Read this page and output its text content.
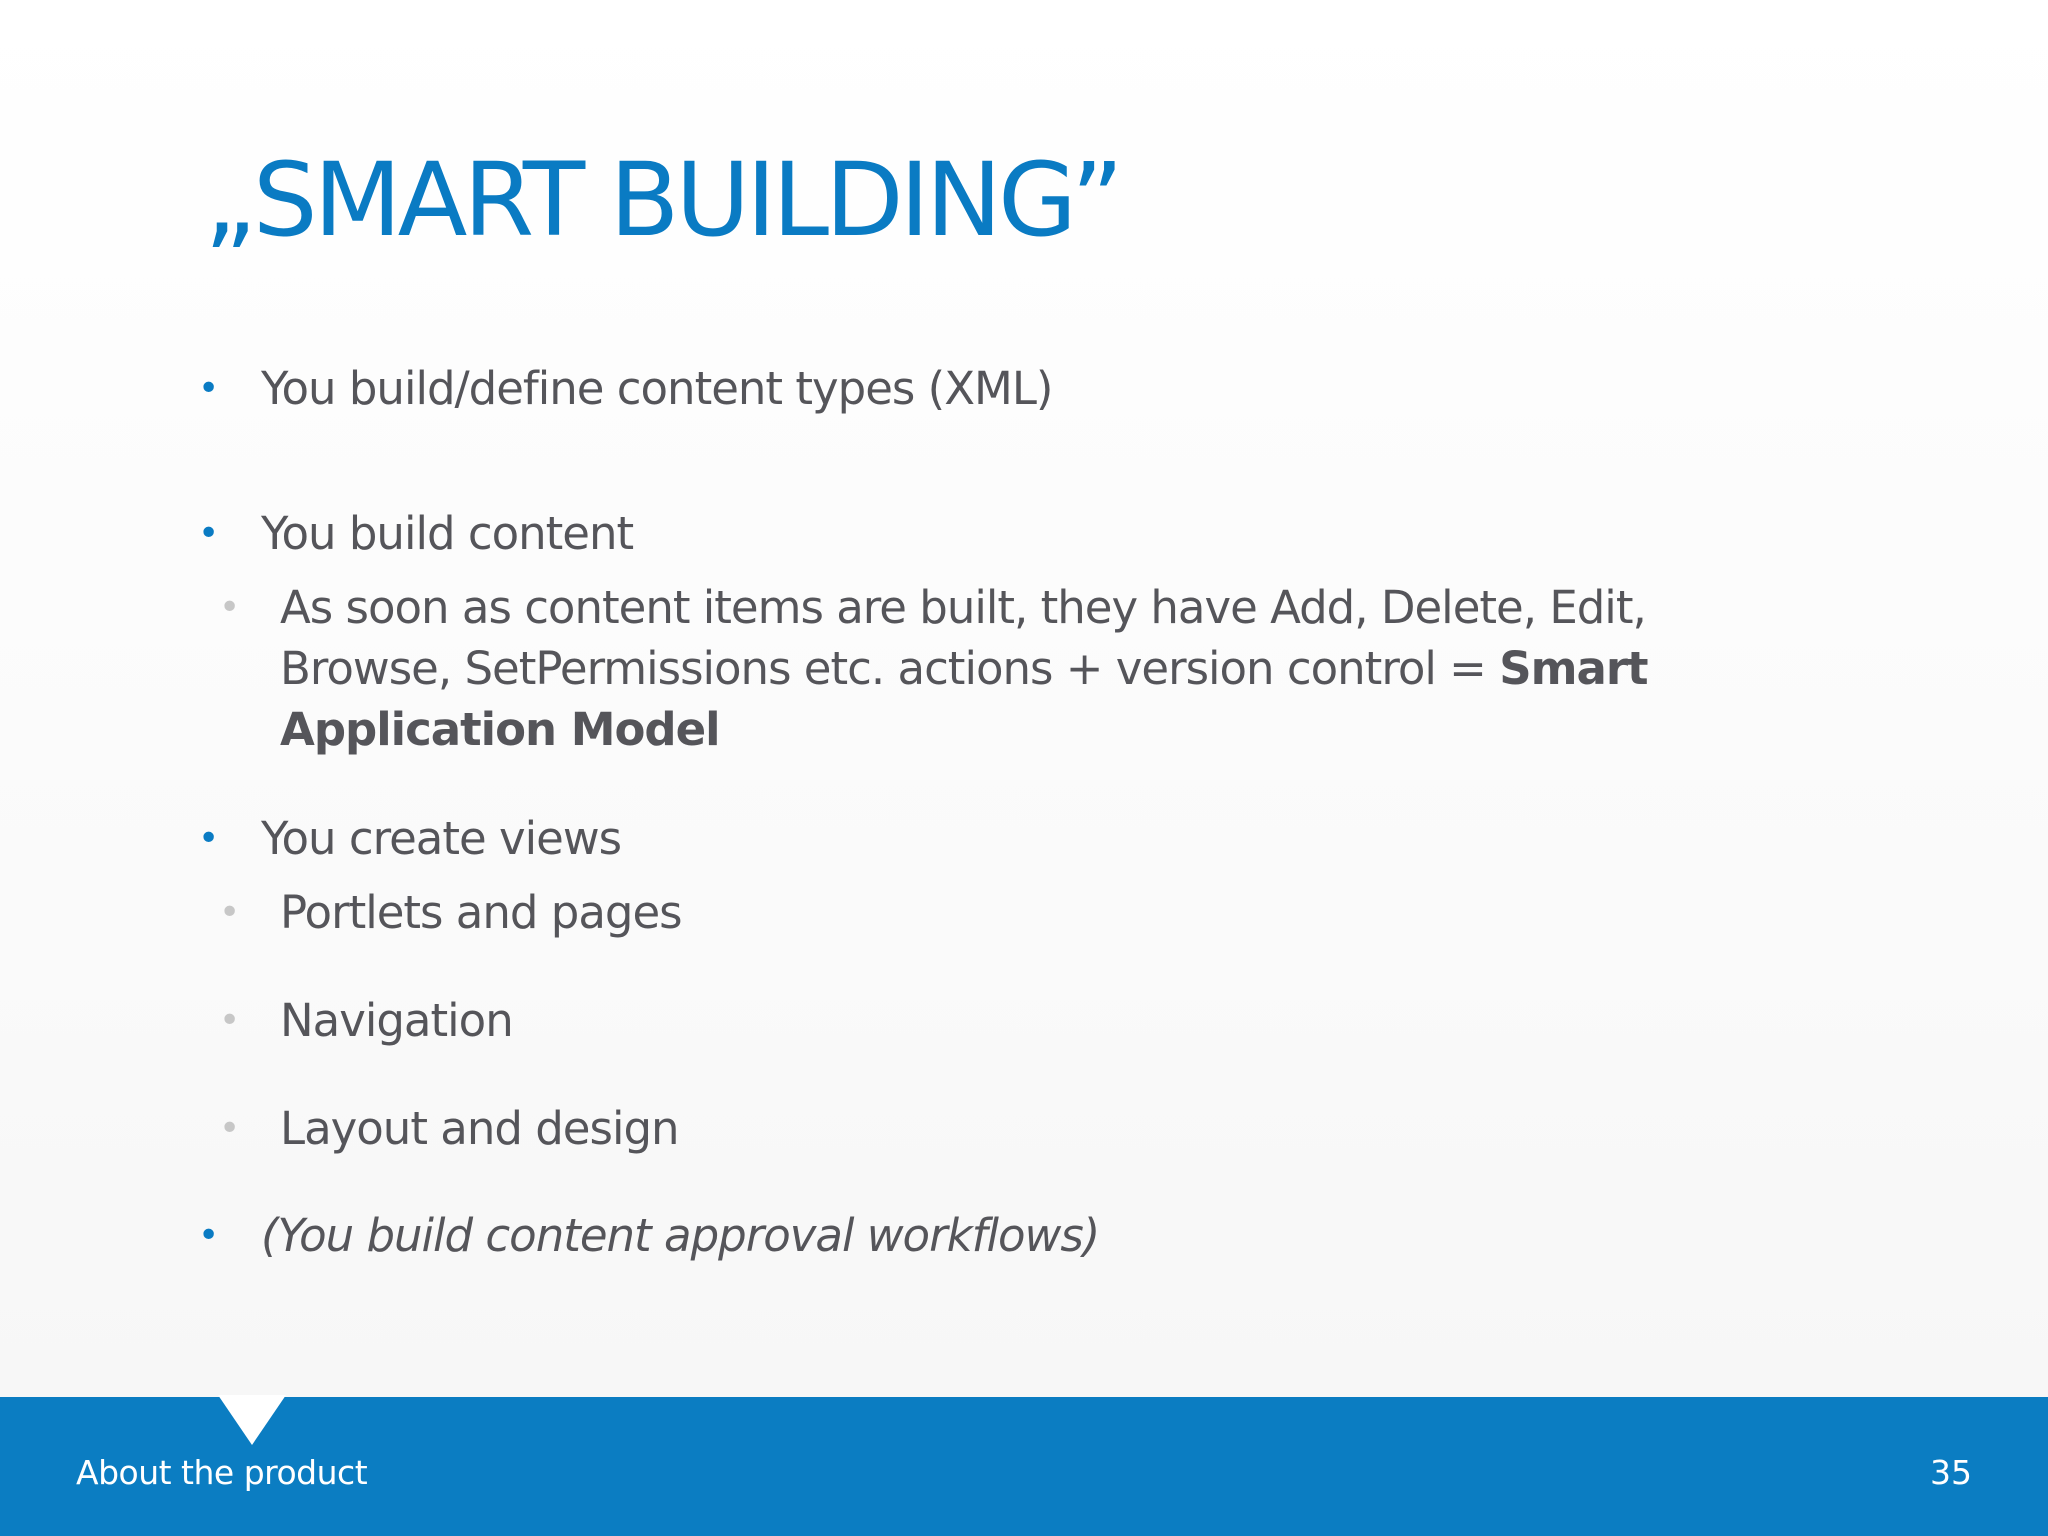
„SMART BUILDING”
• You build/define content types (XML)
• You build content
• As soon as content items are built, they have Add, Delete, Edit, Browse, SetPermissions etc. actions + version control = Smart Application Model
• You create views
• Portlets and pages
• Navigation
• Layout and design
• (You build content approval workflows)
About the product	35
